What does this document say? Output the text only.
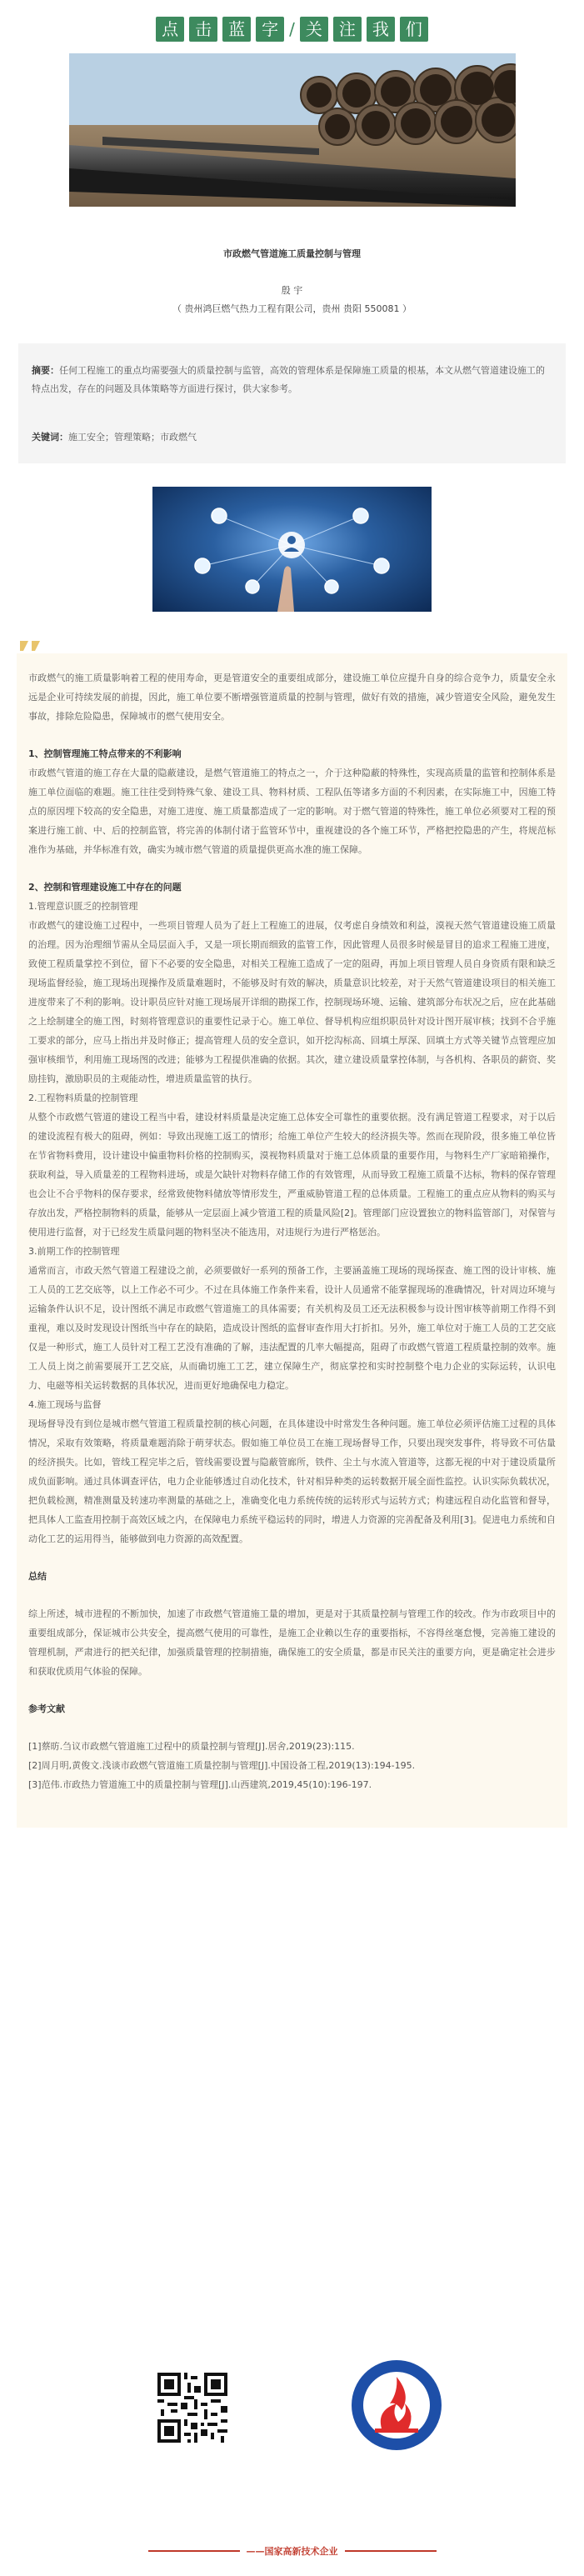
点	击	蓝	字 / 关	注	我	们
市政燃气管道施工质量控制与管理
殷 宇
（ 贵州鸿巨燃气热力工程有限公司，贵州 贵阳 550081 ）
摘要：任何工程施工的重点均需要强大的质量控制与监管，高效的管理体系是保障施工质量的根基，本文从燃气管道建设施工的特点出发，存在的问题及具体策略等方面进行探讨，供大家参考。
关键词：施工安全；管理策略；市政燃气

市政燃气的施工质量影响着工程的使用寿命，更是管道安全的重要组成部分，建设施工单位应提升自身的综合竞争力，质量安全永远是企业可持续发展的前提，因此，施工单位要不断增强管道质量的控制与管理，做好有效的措施，减少管道安全风险，避免发生事故，排除危险隐患，保障城市的燃气使用安全。

1、控制管理施工特点带来的不利影响

市政燃气管道的施工存在大量的隐蔽建设，是燃气管道施工的特点之一，介于这种隐蔽的特殊性，实现高质量的监管和控制体系是施工单位面临的难题。施工往往受到特殊气象、建设工具、物料材质、工程队伍等诸多方面的不利因素，在实际施工中，因施工特点的原因埋下较高的安全隐患，对施工进度、施工质量都造成了一定的影响。对于燃气管道的特殊性，施工单位必须要对工程的预案进行施工前、中、后的控制监管，将完善的体制付诸于监管环节中，重视建设的各个施工环节，严格把控隐患的产生，将规范标准作为基础，并华标准有效，确实为城市燃气管道的质量提供更高水准的施工保障。

2、控制和管理建设施工中存在的问题

1.管理意识匮乏的控制管理

市政燃气的建设施工过程中，一些项目管理人员为了赶上工程施工的进展，仅考虑自身绩效和利益，漠视天然气管道建设施工质量的治理。因为治理细节需从全局层面入手，又是一项长期而细致的监管工作，因此管理人员很多时候是冒目的追求工程施工进度，致使工程质量掌控不到位，留下不必要的安全隐患，对相关工程施工造成了一定的阻碍，再加上项目管理人员自身资质有限和缺乏现场监督经验，施工现场出现操作及质量难题时，不能够及时有效的解决，质量意识比较差，对于天然气管道建设项目的相关施工进度带来了不利的影响。设计职员应针对施工现场展开详细的勘探工作，控制现场环境、运输、建筑部分布状况之后，应在此基础之上绘制建全的施工图，时刻将管理意识的重要性记录于心。施工单位、督导机构应组织职员针对设计图开展审核；找到不合乎施工要求的部分，应马上指出并及时修正；提高管理人员的安全意识，如开挖沟标高、回填土厚深、回填土方式等关键节点管理应加强审核细节，利用施工现场图的改进；能够为工程提供准确的依据。其次，建立建设质量掌控体制，与各机构、各职员的薪资、奖励挂钩，激励职员的主观能动性，增进质量监管的执行。

2.工程物料质量的控制管理

从整个市政燃气管道的建设工程当中看，建设材料质量是决定施工总体安全可靠性的重要依据。没有满足管道工程要求，对于以后的建设流程有极大的阻碍，例如：导致出现施工返工的情形；给施工单位产生较大的经济损失等。然而在现阶段，很多施工单位皆在节省物料费用，设计建设中偏重物料价格的控制购买，漠视物料质量对于施工总体质量的重要作用，与物料生产厂家暗箱操作，获取利益，导入质量差的工程物料进场，或是欠缺针对物料存储工作的有效管理，从而导致工程施工质量不达标，物料的保存管理也会让不合乎物料的保存要求，经常致使物料储放等情形发生，严重威胁管道工程的总体质量。工程施工的重点应从物料的购买与存放出发，严格控制物料的质量，能够从一定层面上减少管道工程的质量风险[2]。管理部门应设置独立的物料监管部门，对保管与使用进行监督，对于已经发生质量问题的物料坚决不能选用，对违规行为进行严格惩治。

3.前期工作的控制管理

通常而言，市政天然气管道工程建设之前，必须要做好一系列的预备工作，主要涵盖施工现场的现场探查、施工图的设计审核、施工人员的工艺交底等，以上工作必不可少。不过在具体施工作条件来看，设计人员通常不能掌握现场的准确情况，针对周边环境与运输条件认识不足，设计图纸不满足市政燃气管道施工的具体需要；有关机构及员工还无法积极参与设计图审核等前期工作得不到重视，难以及时发现设计图纸当中存在的缺陷，造成设计图纸的监督审查作用大打折扣。另外，施工单位对于施工人员的工艺交底仅是一种形式，施工人员针对工程工艺没有准确的了解，违法配置的几率大幅提高，阻碍了市政燃气管道工程质量控制的效率。施工人员上岗之前需要展开工艺交底，从而确切施工工艺，建立保障生产，彻底掌控和实时控制整个电力企业的实际运转，认识电力、电磁等相关运转数据的具体状况，进而更好地确保电力稳定。

4.施工现场与监督

现场督导没有到位是城市燃气管道工程质量控制的核心问题，在具体建设中时常发生各种问题。施工单位必须评估施工过程的具体情况，采取有效策略，将质量难题消除于萌芽状态。假如施工单位员工在施工现场督导工作，只要出现突发事件，将导致不可估量的经济损失。比如，管线工程完毕之后，管线需要设置与隐蔽管廊所，铁件、尘土与水流入管道等，这都无视的中对于建设质量所成负面影响。通过具体调查评估，电力企业能够透过自动化技术，针对相异种类的运转数据开展全面性监控。认识实际负载状况，把负载检测，精准测量及转速功率测量的基础之上，准确变化电力系统传统的运转形式与运转方式；构建远程自动化监管和督导，把具体人工监查用控制于高效区域之内，在保障电力系统平稳运转的同时，增进人力资源的完善配备及利用[3]。促进电力系统和自动化工艺的运用得当，能够做到电力资源的高效配置。

总结

综上所述，城市进程的不断加快，加速了市政燃气管道施工量的增加，更是对于其质量控制与管理工作的较改。作为市政项目中的重要组成部分，保证城市公共安全，提高燃气使用的可靠性，是施工企业赖以生存的重要指标，不容得丝毫怠慢，完善施工建设的管理机制，严肃进行的把关纪律，加强质量管理的控制措施，确保施工的安全质量，都是市民关注的重要方向，更是确定社会进步和获取优质用气体验的保障。

参考文献

[1]蔡昉.刍议市政燃气管道施工过程中的质量控制与管理[J].居舍,2019(23):115.

[2]周月明,黄俊文.浅谈市政燃气管道施工质量控制与管理[J].中国设备工程,2019(13):194-195.

[3]范伟.市政热力管道施工中的质量控制与管理[J].山西建筑,2019,45(10):196-197.

——国家高新技术企业
